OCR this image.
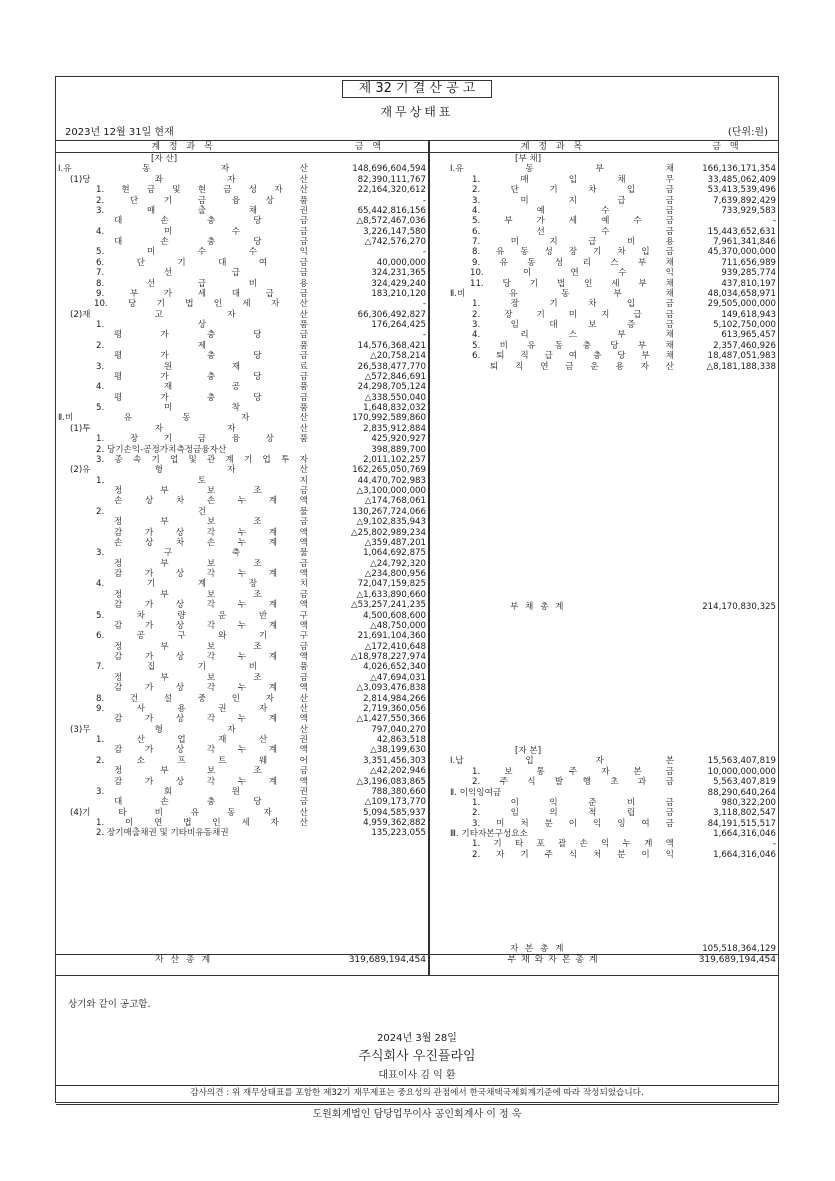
제 32 기 결 산 공 고
재무상태표
2023년 12월 31일 현재	(단위:원)
계 정 과 목	금 액	계 정 과 목	금 액
[자 산]
Ⅰ.유	동	자	산	148,696,604,594
(1)당	좌	자	산	82,390,111,767
1. 현 금 및 현 금 성 자 산	22,164,320,612
2.	단	기	금	융	상	품	-
3.	매	출	채	권	65,442,816,156
대	손	충	당	금	△8,572,467,036
4.	미	수	금	3,226,147,580
대	손	충	당	금	△742,576,270
5.	미	수	수	익	-
6.	단	기	대	여	금	40,000,000
7.	선	급	금	324,231,365
8.	선	급	비	용	324,429,240
9.	부	가	세	대	급	금	183,210,120
10. 당 기 법 인 세 자 산	-
(2)재	고	자	산	66,306,492,827
1.	상	품	176,264,425
평	가	충	당	금	-
2.	제	품	14,576,368,421
평	가	충	당	금	△20,758,214
3.	원	재	료	26,538,477,770
평	가	충	당	금	△572,846,691
4.	재	공	품	24,298,705,124
평	가	충	당	금	△338,550,040
5.	미	착	품	1,648,832,032
Ⅱ.비	유	동	자	산	170,992,589,860
(1)투	자	자	산	2,835,912,884
1.	장	기	금	융	상	품	425,920,927
2. 당기손익-공정가치측정금융자산	398,889,700
3. 종 속 기 업 및 관 계 기 업 투 자	2,011,102,257
(2)유	형	자	산	162,265,050,769
1.	토	지	44,470,702,983
정	부	보	조	금	△3,100,000,000
손	상	차	손	누	계	액	△174,768,061
2.	건	물	130,267,724,066
정	부	보	조	금	△9,102,835,943
감	가	상	각	누	계	액	△25,802,989,234
손	상	차	손	누	계	액	△359,487,201
3.	구	축	물	1,064,692,875
정	부	보	조	금	△24,792,320
감	가	상	각	누	계	액	△234,800,956
4.	기	계	장	치	72,047,159,825
정	부	보	조	금	△1,633,890,660
감	가	상	각	누	계	액	△53,257,241,235
5.	차	량	운	반	구	4,500,608,600
감	가	상	각	누	계	액	△48,750,000
6.	공	구	와	기	구	21,691,104,360
정	부	보	조	금	△172,410,648
감	가	상	각	누	계	액	△18,978,227,974
7.	집	기	비	품	4,026,652,340
정	부	보	조	금	△47,694,031
감	가	상	각	누	계	액	△3,093,476,838
8.	건	설	중	인	자	산	2,814,984,266
9.	사	용	권	자	산	2,719,360,056
감	가	상	각	누	계	액	△1,427,550,366
(3)무	형	자	산	797,040,270
1.	산	업	재	산	권	42,863,518
감	가	상	각	누	계	액	△38,199,630
2.	소	프	트	웨	어	3,351,456,303
정	부	보	조	금	△42,202,946
감	가	상	각	누	계	액	△3,196,083,865
3.	회	원	권	788,380,660
대	손	충	당	금	△109,173,770
(4)기	타	비	유	동	자	산	5,094,585,937
1. 이 연 법 인 세 자 산	4,959,362,882
2. 장기매출채권 및 기타비유동채권	135,223,055
[부 채]
Ⅰ.유	동	부	채	166,136,171,354
1.	매	입	채	무	33,485,062,409
2.	단	기	차	입	금	53,413,539,496
3.	미	지	급	금	7,639,892,429
4.	예	수	금	733,929,583
5.	부	가	세	예	수	금	-
6.	선	수	금	15,443,652,631
7.	미	지	급	비	용	7,961,341,846
8. 유 동 성 장 기 차 입 금	45,370,000,000
9. 유 동 성 리 스 부 채	711,656,989
10.	이	연	수	익	939,285,774
11. 당 기 법 인 세 부 채	437,810,197
Ⅱ.비	유	동	부	채	48,034,658,971
1.	장	기	차	입	금	29,505,000,000
2.	장	기	미	지	급	금	149,618,943
3.	임	대	보	증	금	5,102,750,000
4.	리	스	부	채	613,965,457
5. 비 유 동 충 당 부 채	2,357,460,926
6. 퇴 직 급 여 충 당 부 채	18,487,051,983
퇴 직 연 금 운 용 자 산	△8,181,188,338
부 채 총 계	214,170,830,325
[자 본]
Ⅰ.납	입	자	본	15,563,407,819
1.	보	통	주	자	본	금	10,000,000,000
2. 주 식 발 행 초 과 금	5,563,407,819
Ⅱ. 이익잉여금	88,290,640,264
1.	이	익	준	비	금	980,322,200
2.	임	의	적	립	금	3,118,802,547
3. 미 처 분 이 익 잉 여 금	84,191,515,517
Ⅲ. 기타자본구성요소	1,664,316,046
1. 기 타 포 괄 손 익 누 계 액	-
2. 자 기 주 식 처 분 이 익	1,664,316,046
자 본 총 계	105,518,364,129
자 산 총 계	319,689,194,454	부 채 와 자 본 총 계	319,689,194,454
상기와 같이 공고함.
2024년 3월 28일
주식회사 우진플라임
대표이사 김 익 환
감사의견 : 위 재무상태표를 포함한 제32기 재무제표는 중요성의 관점에서 한국채택국제회계기준에 따라 작성되었습니다.
도원회계법인 담당업무이사 공인회계사 이 정 욱
